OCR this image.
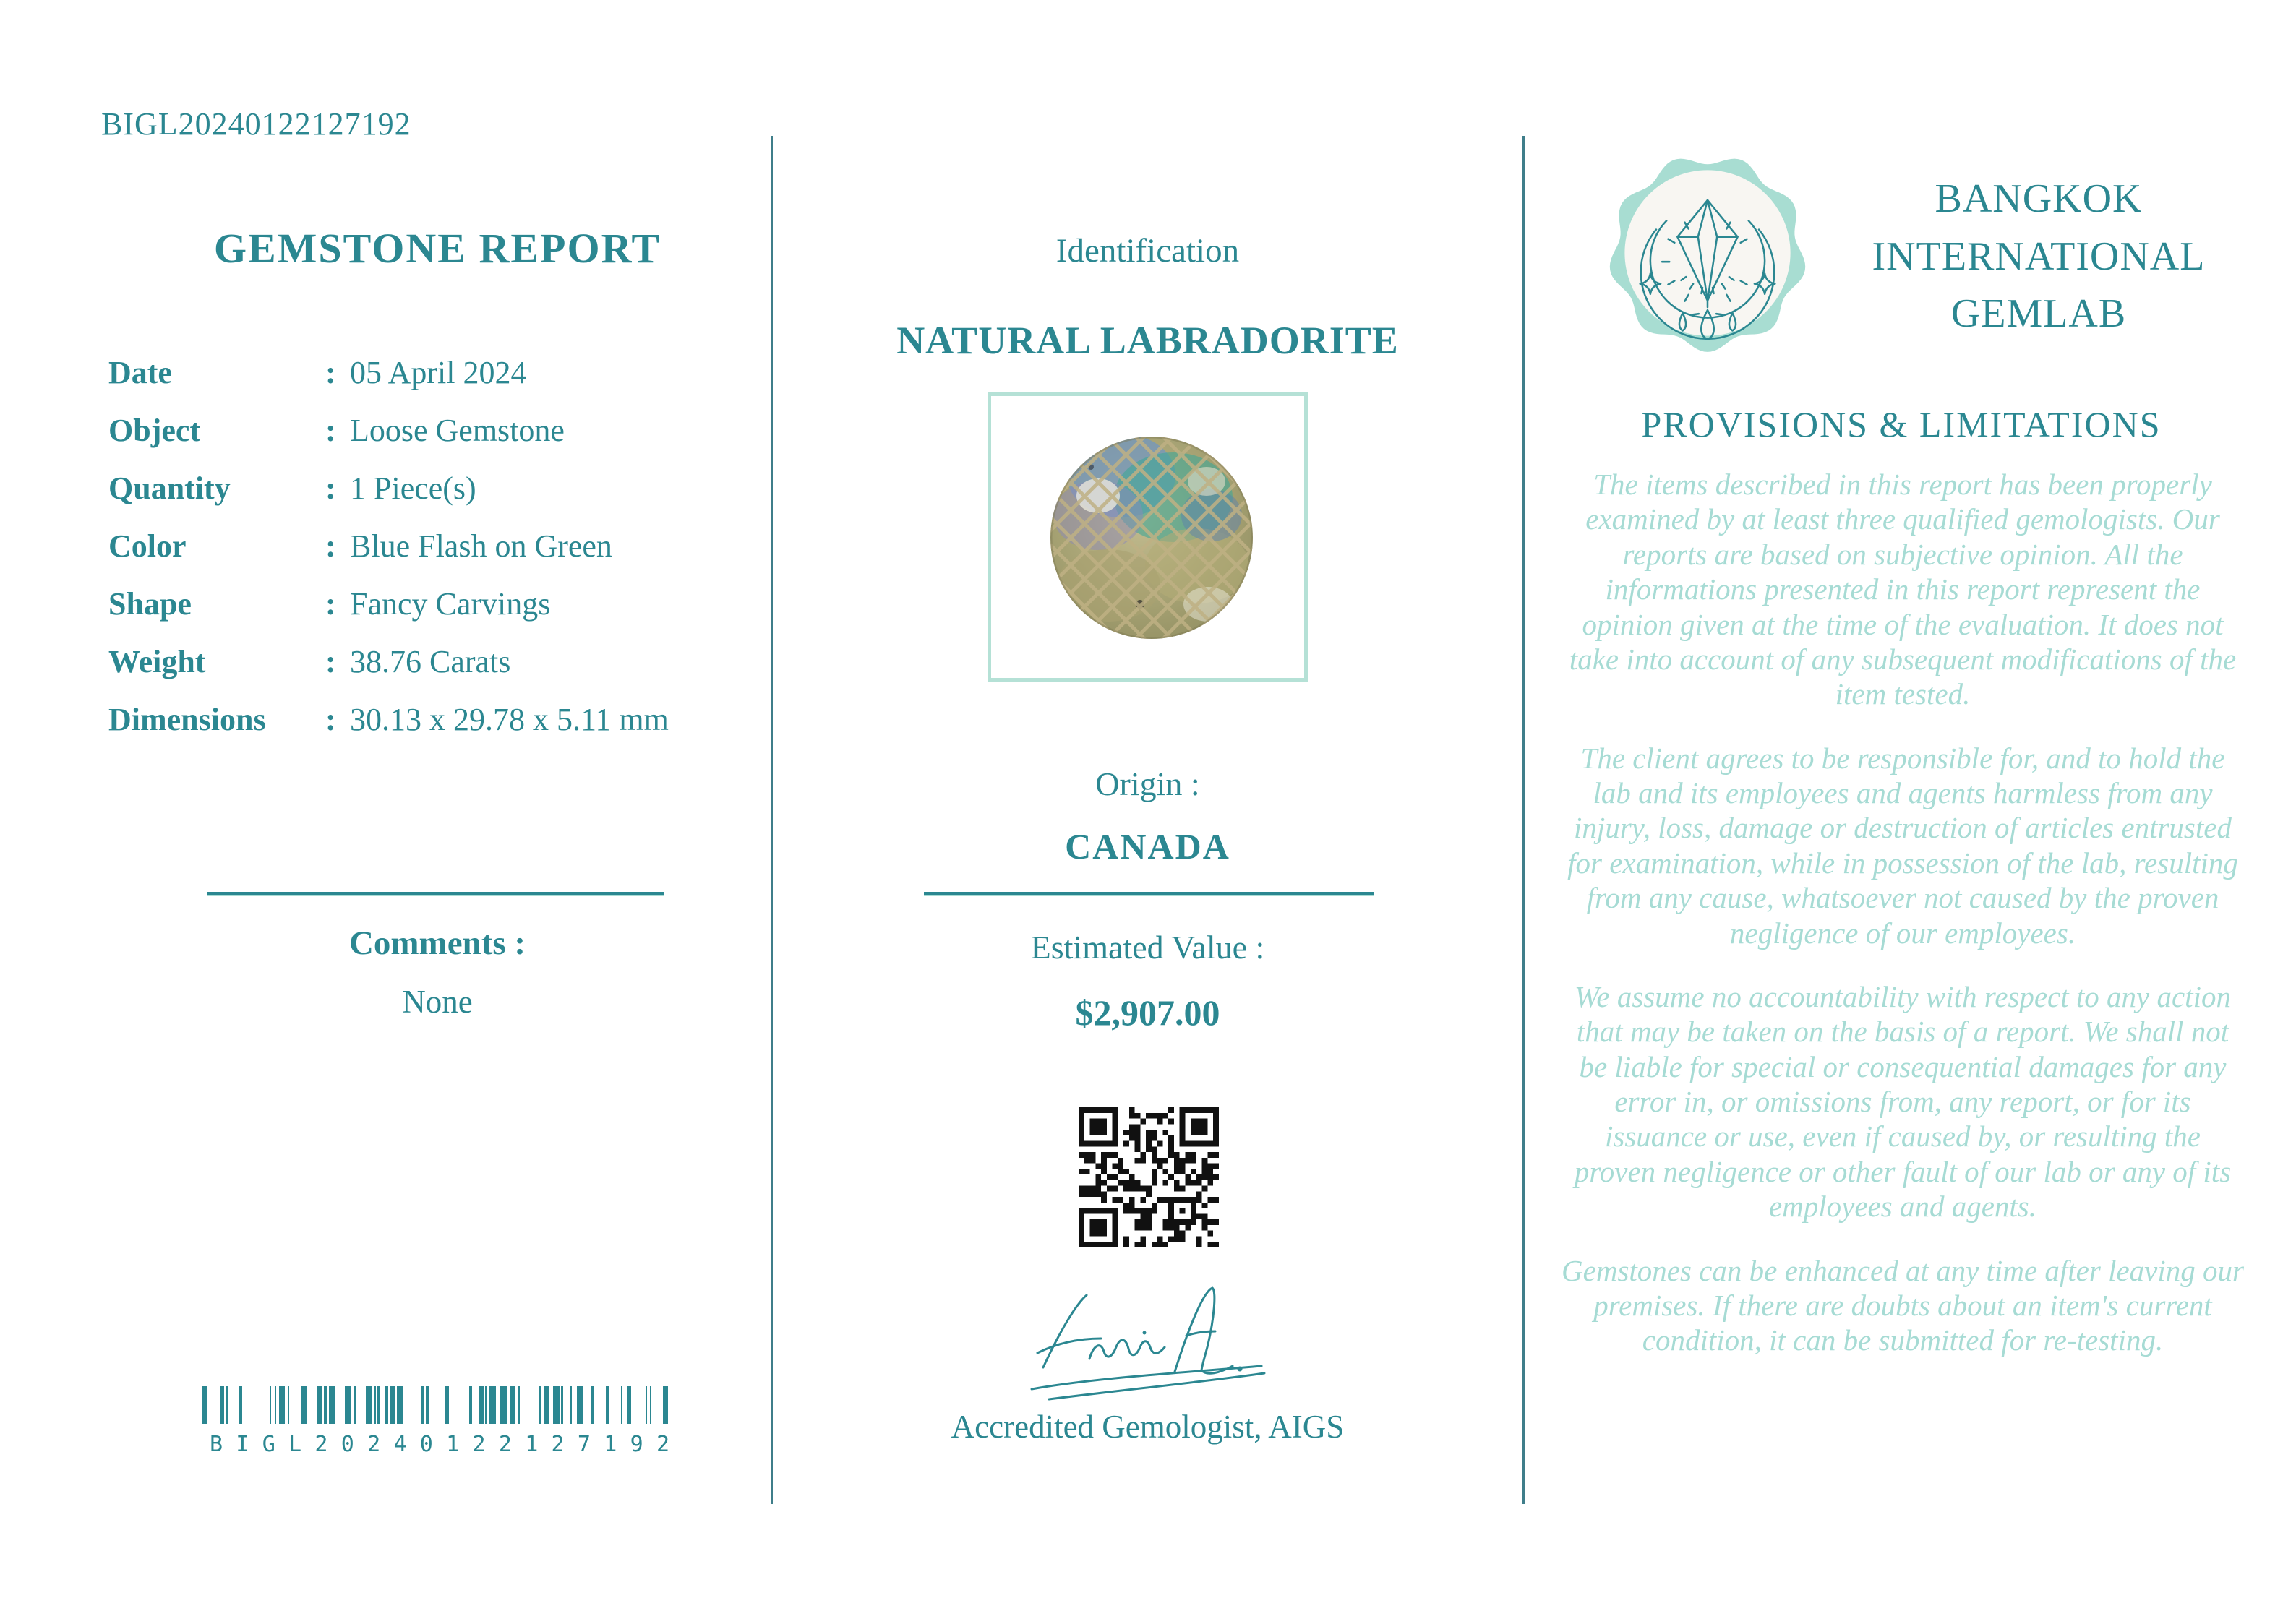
BIGL20240122127192
GEMSTONE REPORT
Date	: 05 April 2024
Object	: Loose Gemstone
Quantity	: 1 Piece(s)
Color	: Blue Flash on Green
Shape	: Fancy Carvings
Weight	: 38.76 Carats
Dimensions	: 30.13 x 29.78 x 5.11 mm
Comments :
None
BIGL20240122127192
Identification
NATURAL LABRADORITE
Origin :
CANADA
Estimated Value :
$2,907.00
Accredited Gemologist, AIGS
BANGKOK INTERNATIONAL GEMLAB
PROVISIONS & LIMITATIONS

The items described in this report has been properly examined by at least three qualified gemologists. Our reports are based on subjective opinion. All the informations presented in this report represent the opinion given at the time of the evaluation. It does not take into account of any subsequent modifications of the item tested.

The client agrees to be responsible for, and to hold the lab and its employees and agents harmless from any injury, loss, damage or destruction of articles entrusted for examination, while in possession of the lab, resulting from any cause, whatsoever not caused by the proven negligence of our employees.

We assume no accountability with respect to any action that may be taken on the basis of a report. We shall not be liable for special or consequential damages for any error in, or omissions from, any report, or for its issuance or use, even if caused by, or resulting the proven negligence or other fault of our lab or any of its employees and agents.

Gemstones can be enhanced at any time after leaving our premises. If there are doubts about an item's current condition, it can be submitted for re-testing.
